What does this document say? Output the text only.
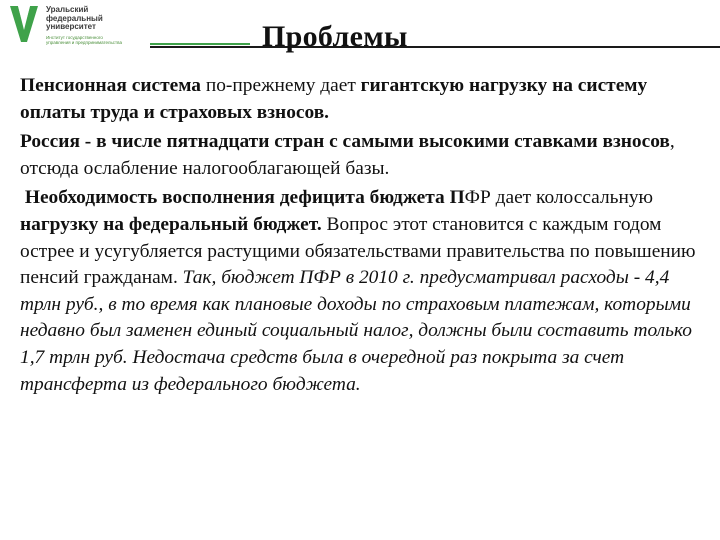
Уральский
федеральный
университет
Институт государственного
управления и предпринимательства	Проблемы

Пенсионная система по-прежнему дает гигантскую нагрузку на систему оплаты труда и страховых взносов.

Россия - в числе пятнадцати стран с самыми высокими ставками взносов, отсюда ослабление налогооблагающей базы.

Необходимость восполнения дефицита бюджета ПФР дает колоссальную нагрузку на федеральный бюджет. Вопрос этот становится с каждым годом острее и усугубляется растущими обязательствами правительства по повышению пенсий гражданам. Так, бюджет ПФР в 2010 г. предусматривал расходы - 4,4 трлн руб., в то время как плановые доходы по страховым платежам, которыми недавно был заменен единый социальный налог, должны были составить только 1,7 трлн руб. Недостача средств была в очередной раз покрыта за счет трансферта из федерального бюджета.
